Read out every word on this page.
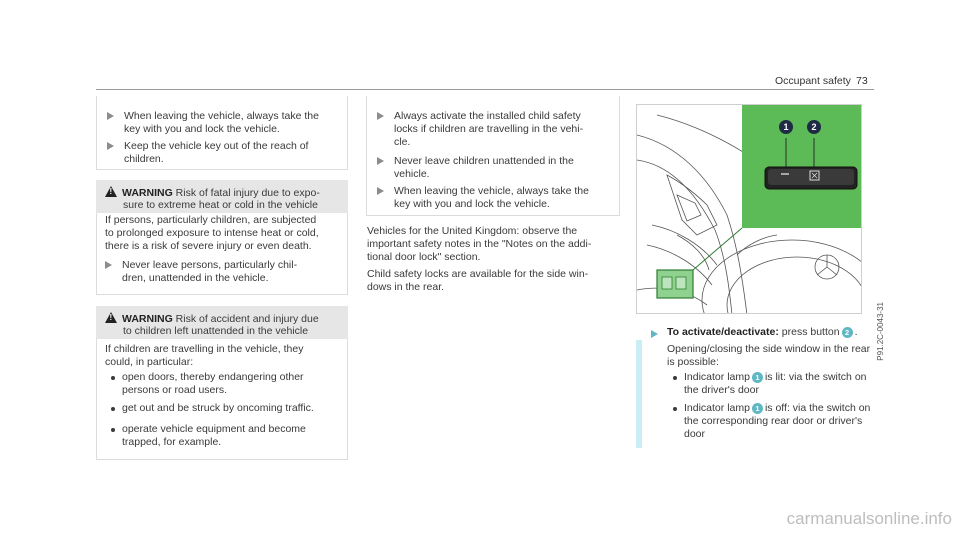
Occupant safety 73
When leaving the vehicle, always take the
key with you and lock the vehicle.
Keep the vehicle key out of the reach of
children.
!WARNING Risk of fatal injury due to expo-
sure to extreme heat or cold in the vehicle
If persons, particularly children, are subjected
to prolonged exposure to intense heat or cold,
there is a risk of severe injury or even death.
Never leave persons, particularly chil-
dren, unattended in the vehicle.
!WARNING Risk of accident and injury due
to children left unattended in the vehicle
If children are travelling in the vehicle, they
could, in particular:
open doors, thereby endangering other
persons or road users.
get out and be struck by oncoming traffic.
operate vehicle equipment and become
trapped, for example.
Always activate the installed child safety
locks if children are travelling in the vehi-
cle.
Never leave children unattended in the
vehicle.
When leaving the vehicle, always take the
key with you and lock the vehicle.
Vehicles for the United Kingdom: observe the
important safety notes in the "Notes on the addi-
tional door lock" section.
Child safety locks are available for the side win-
dows in the rear.
1	2
P91.2C-0043-31
To activate/deactivate: press button 2 .
Opening/closing the side window in the rear
is possible:
Indicator lamp 1 is lit: via the switch on
the driver's door
Indicator lamp 1 is off: via the switch on
the corresponding rear door or driver's
door
carmanualsonline.info
